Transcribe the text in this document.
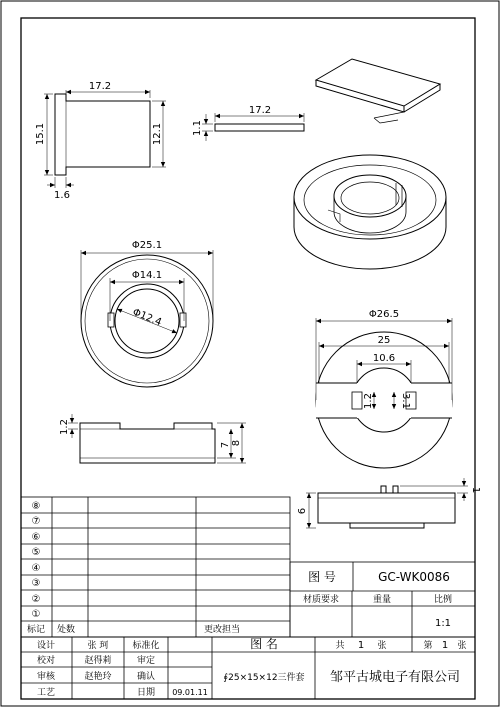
17.2
15.1	12.1
1.6
17.2
1.1
Φ25.1
Φ14.1
Φ12.4
1.2
7 8
Φ26.5
25
10.6
1.2	3.1
6
1
⑧
⑦
⑥
⑤
④
③
②
①
标记 处数	更改担当
图 号	GC-WK0086
材质要求	重量	比例
1:1
设计	张 珂	标准化
校对	赵得莉	审定
审核	赵艳玲	确认
工艺	日期 09.01.11
图 名	共 1 张	第 1 张
∮25×15×12三件套 邹平古城电子有限公司
